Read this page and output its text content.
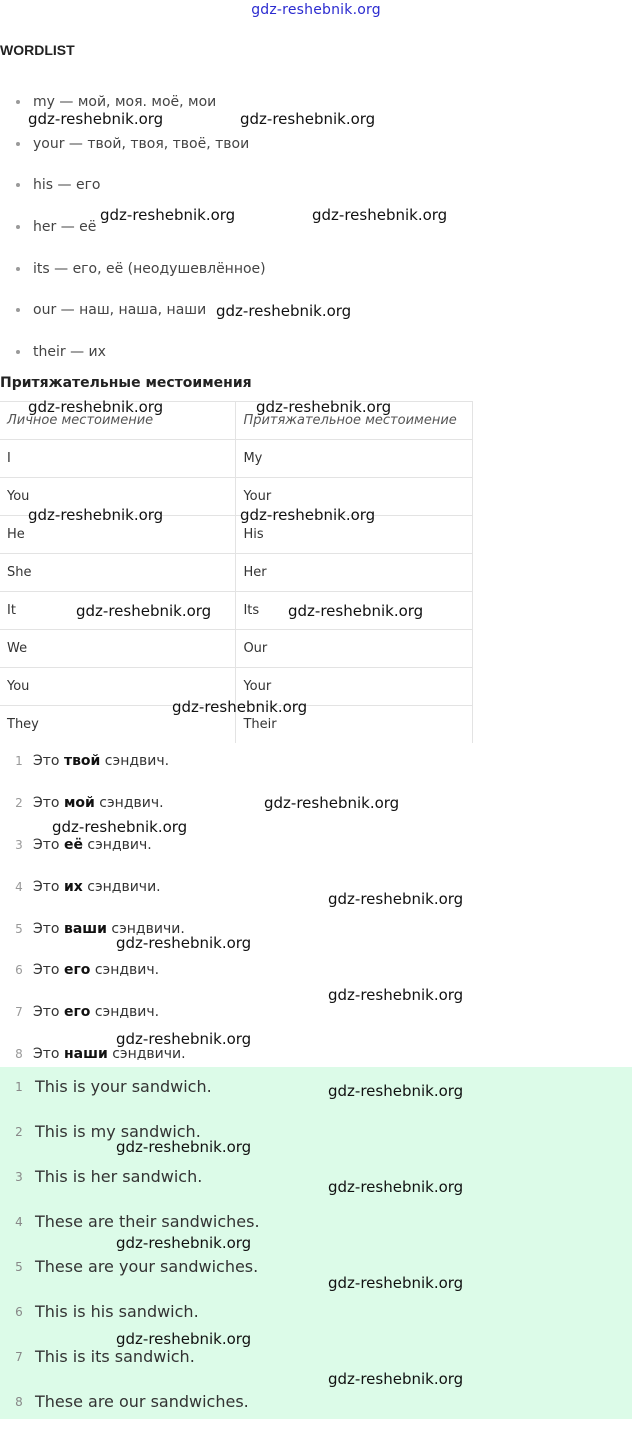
gdz-reshebnik.org
WORDLIST
my — мой, моя. моё, мои
your — твой, твоя, твоё, твои
his — его
her — её
its — его, её (неодушевлённое)
our — наш, наша, наши
their — их
Притяжательные местоимения
Личное местоимение	Притяжательное местоимение
I	My
You	Your
He	His
She	Her
It	Its
We	Our
You	Your
They	Their
1 Это твой сэндвич.
2 Это мой сэндвич.
3 Это её сэндвич.
4 Это их сэндвичи.
5 Это ваши сэндвичи.
6 Это его сэндвич.
7 Это его сэндвич.
8 Это наши сэндвичи.
1 This is your sandwich.
2 This is my sandwich.
3 This is her sandwich.
4 These are their sandwiches.
5 These are your sandwiches.
6 This is his sandwich.
7 This is its sandwich.
8 These are our sandwiches.
gdz-reshebnik.org	gdz-reshebnik.org
gdz-reshebnik.org	gdz-reshebnik.org
gdz-reshebnik.org
gdz-reshebnik.org	gdz-reshebnik.org
gdz-reshebnik.org	gdz-reshebnik.org
gdz-reshebnik.org	gdz-reshebnik.org
gdz-reshebnik.org
gdz-reshebnik.org
gdz-reshebnik.org
gdz-reshebnik.org
gdz-reshebnik.org
gdz-reshebnik.org
gdz-reshebnik.org
gdz-reshebnik.org
gdz-reshebnik.org
gdz-reshebnik.org
gdz-reshebnik.org
gdz-reshebnik.org
gdz-reshebnik.org
gdz-reshebnik.org
